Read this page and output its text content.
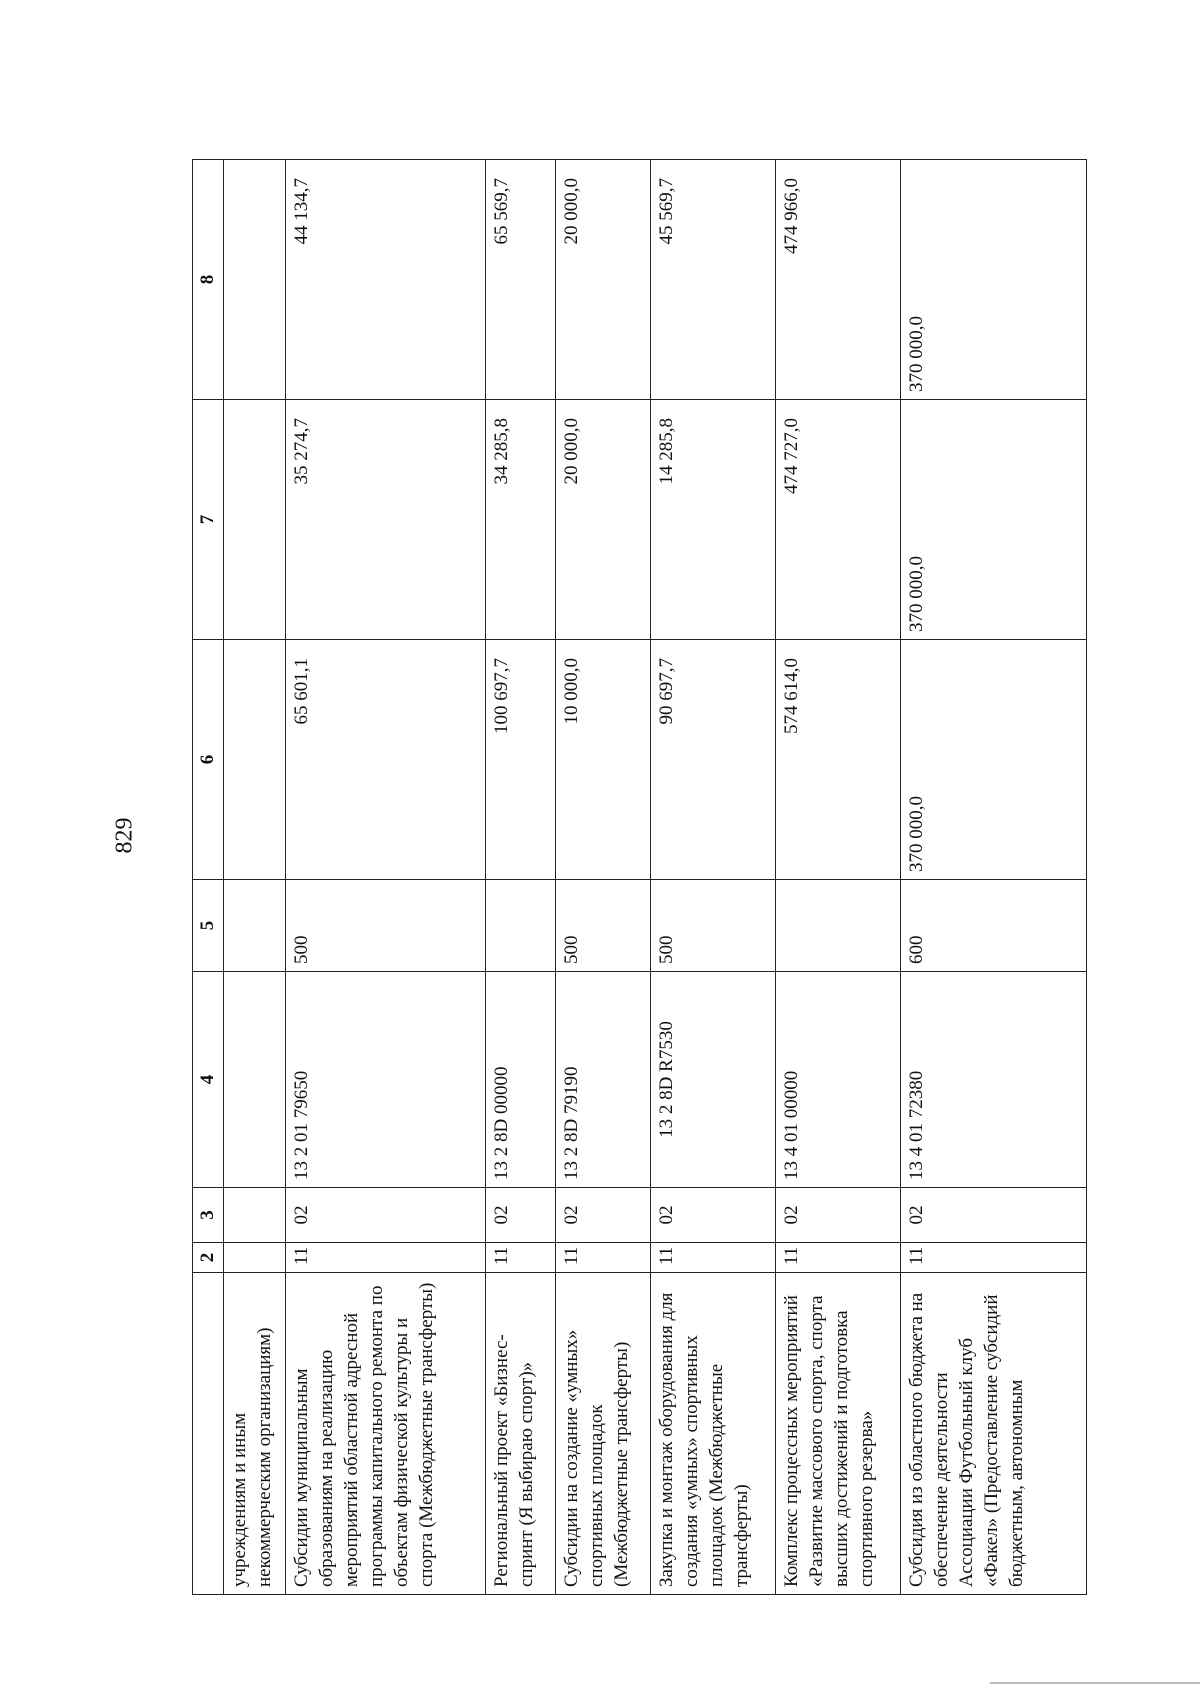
829
	2	3	4	5	6	7	8
учреждениям и иным некоммерческим организациям)							
Субсидии муниципальным образованиям на реализацию мероприятий областной адресной программы капитального ремонта по объектам физической культуры и спорта (Межбюджетные трансферты)	11	02	13 2 01 79650	500	65 601,1	35 274,7	44 134,7
Региональный проект «Бизнес-спринт (Я выбираю спорт)»	11	02	13 2 8D 00000		100 697,7	34 285,8	65 569,7
Субсидии на создание «умных» спортивных площадок (Межбюджетные трансферты)	11	02	13 2 8D 79190	500	10 000,0	20 000,0	20 000,0
Закупка и монтаж оборудования для создания «умных» спортивных площадок (Межбюджетные трансферты)	11	02	13 2 8D R7530	500	90 697,7	14 285,8	45 569,7
Комплекс процессных мероприятий «Развитие массового спорта, спорта высших достижений и подготовка спортивного резерва»	11	02	13 4 01 00000		574 614,0	474 727,0	474 966,0
Субсидия из областного бюджета на обеспечение деятельности Ассоциации Футбольный клуб «Факел» (Предоставление субсидий бюджетным, автономным	11	02	13 4 01 72380	600	370 000,0	370 000,0	370 000,0
